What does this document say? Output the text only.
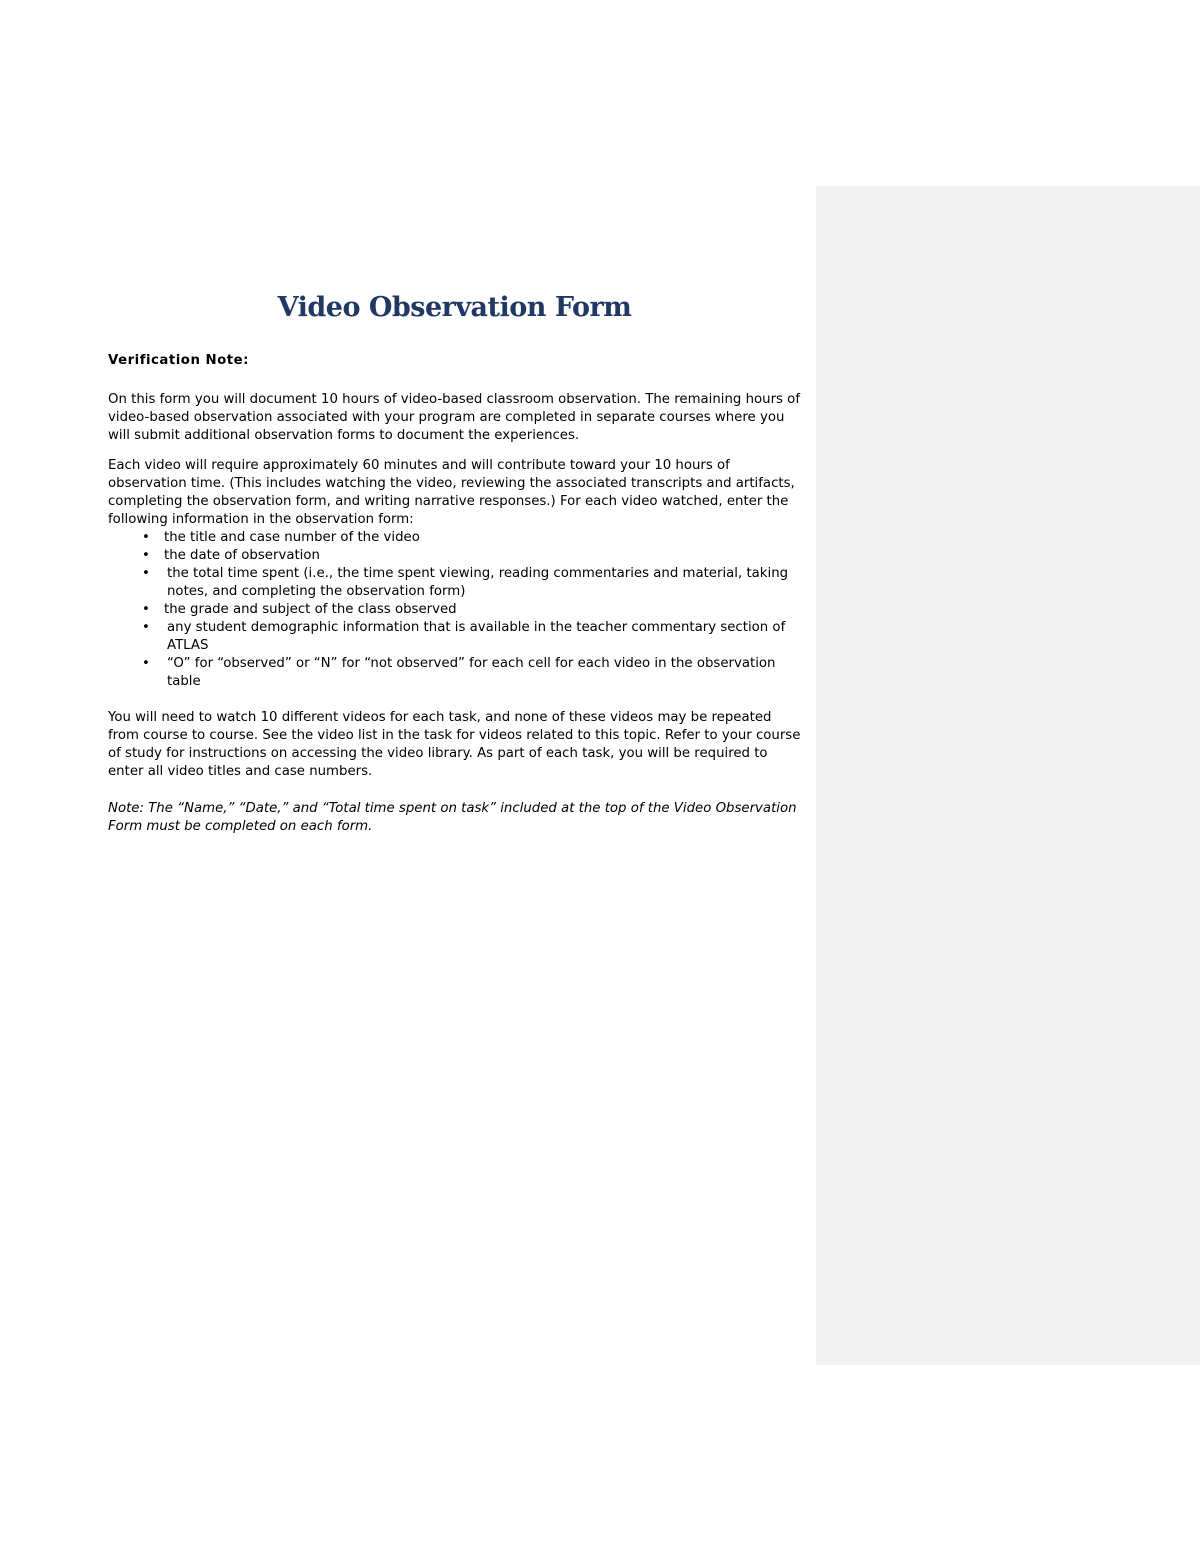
Video Observation Form

Verification Note:

On this form you will document 10 hours of video-based classroom observation. The remaining hours of video-based observation associated with your program are completed in separate courses where you will submit additional observation forms to document the experiences.

Each video will require approximately 60 minutes and will contribute toward your 10 hours of observation time. (This includes watching the video, reviewing the associated transcripts and artifacts, completing the observation form, and writing narrative responses.) For each video watched, enter the following information in the observation form:

• the title and case number of the video
• the date of observation
• the total time spent (i.e., the time spent viewing, reading commentaries and material, taking notes, and completing the observation form)
• the grade and subject of the class observed
• any student demographic information that is available in the teacher commentary section of ATLAS
• “O” for “observed” or “N” for “not observed” for each cell for each video in the observation table

You will need to watch 10 different videos for each task, and none of these videos may be repeated from course to course. See the video list in the task for videos related to this topic. Refer to your course of study for instructions on accessing the video library. As part of each task, you will be required to enter all video titles and case numbers.

Note: The “Name,” “Date,” and “Total time spent on task” included at the top of the Video Observation Form must be completed on each form.
